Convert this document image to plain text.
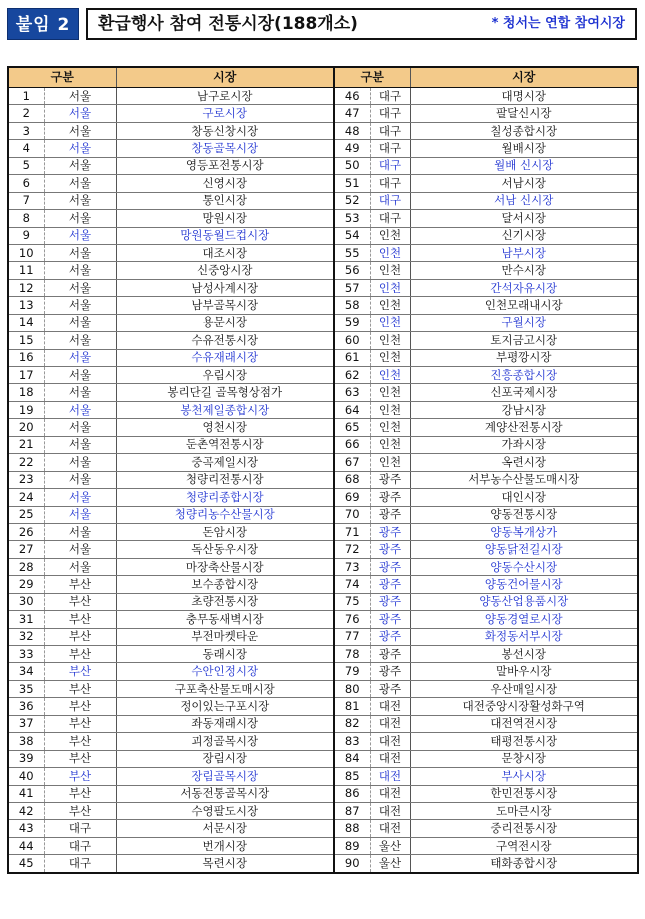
붙임 2	환급행사 참여 전통시장(188개소)	* 청서는 연합 참여시장
구분		시장	구분		시장
1	서울	남구로시장	46	대구	대명시장
2	서울	구로시장	47	대구	팔달신시장
3	서울	창동신창시장	48	대구	칠성종합시장
4	서울	창동골목시장	49	대구	월배시장
5	서울	영등포전통시장	50	대구	월배 신시장
6	서울	신영시장	51	대구	서남시장
7	서울	통인시장	52	대구	서남 신시장
8	서울	망원시장	53	대구	달서시장
9	서울	망원동월드컵시장	54	인천	신기시장
10	서울	대조시장	55	인천	남부시장
11	서울	신중앙시장	56	인천	만수시장
12	서울	남성사계시장	57	인천	간석자유시장
13	서울	남부골목시장	58	인천	인천모래내시장
14	서울	용문시장	59	인천	구월시장
15	서울	수유전통시장	60	인천	토지금고시장
16	서울	수유재래시장	61	인천	부평깡시장
17	서울	우림시장	62	인천	진흥종합시장
18	서울	봉리단길 골목형상점가	63	인천	신포국제시장
19	서울	봉천제일종합시장	64	인천	강남시장
20	서울	영천시장	65	인천	계양산전통시장
21	서울	둔촌역전통시장	66	인천	가좌시장
22	서울	중곡제일시장	67	인천	옥련시장
23	서울	청량리전통시장	68	광주	서부농수산물도매시장
24	서울	청량리종합시장	69	광주	대인시장
25	서울	청량리농수산물시장	70	광주	양동전통시장
26	서울	돈암시장	71	광주	양동복개상가
27	서울	독산동우시장	72	광주	양동닭전길시장
28	서울	마장축산물시장	73	광주	양동수산시장
29	부산	보수종합시장	74	광주	양동건어물시장
30	부산	초량전통시장	75	광주	양동산업용품시장
31	부산	충무동새벽시장	76	광주	양동경열로시장
32	부산	부전마켓타운	77	광주	화정동서부시장
33	부산	동래시장	78	광주	봉선시장
34	부산	수안인정시장	79	광주	말바우시장
35	부산	구포축산물도매시장	80	광주	우산매일시장
36	부산	정이있는구포시장	81	대전	대전중앙시장활성화구역
37	부산	좌동재래시장	82	대전	대전역전시장
38	부산	괴정골목시장	83	대전	태평전통시장
39	부산	장림시장	84	대전	문창시장
40	부산	장림골목시장	85	대전	부사시장
41	부산	서동전통골목시장	86	대전	한민전통시장
42	부산	수영팔도시장	87	대전	도마큰시장
43	대구	서문시장	88	대전	중리전통시장
44	대구	번개시장	89	울산	구역전시장
45	대구	목련시장	90	울산	태화종합시장
